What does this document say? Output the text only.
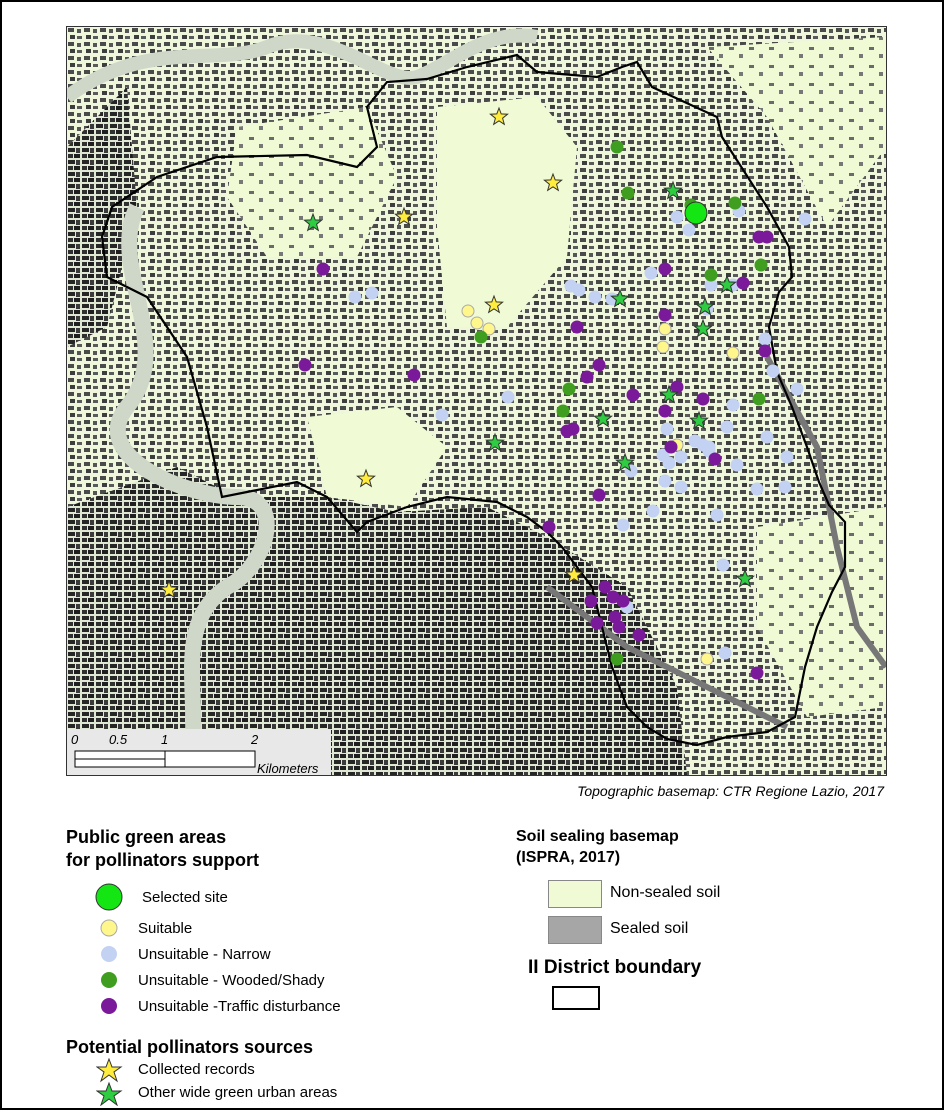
0 0.5	1	2
Kilometers
Topographic basemap: CTR Regione Lazio, 2017
Public green areas
for pollinators support
Selected site
Suitable
Unsuitable - Narrow
Unsuitable - Wooded/Shady
Unsuitable -Traffic disturbance
Potential pollinators sources
Collected records
Other wide green urban areas
Soil sealing basemap
(ISPRA, 2017)
Non-sealed soil
Sealed soil
II District boundary
